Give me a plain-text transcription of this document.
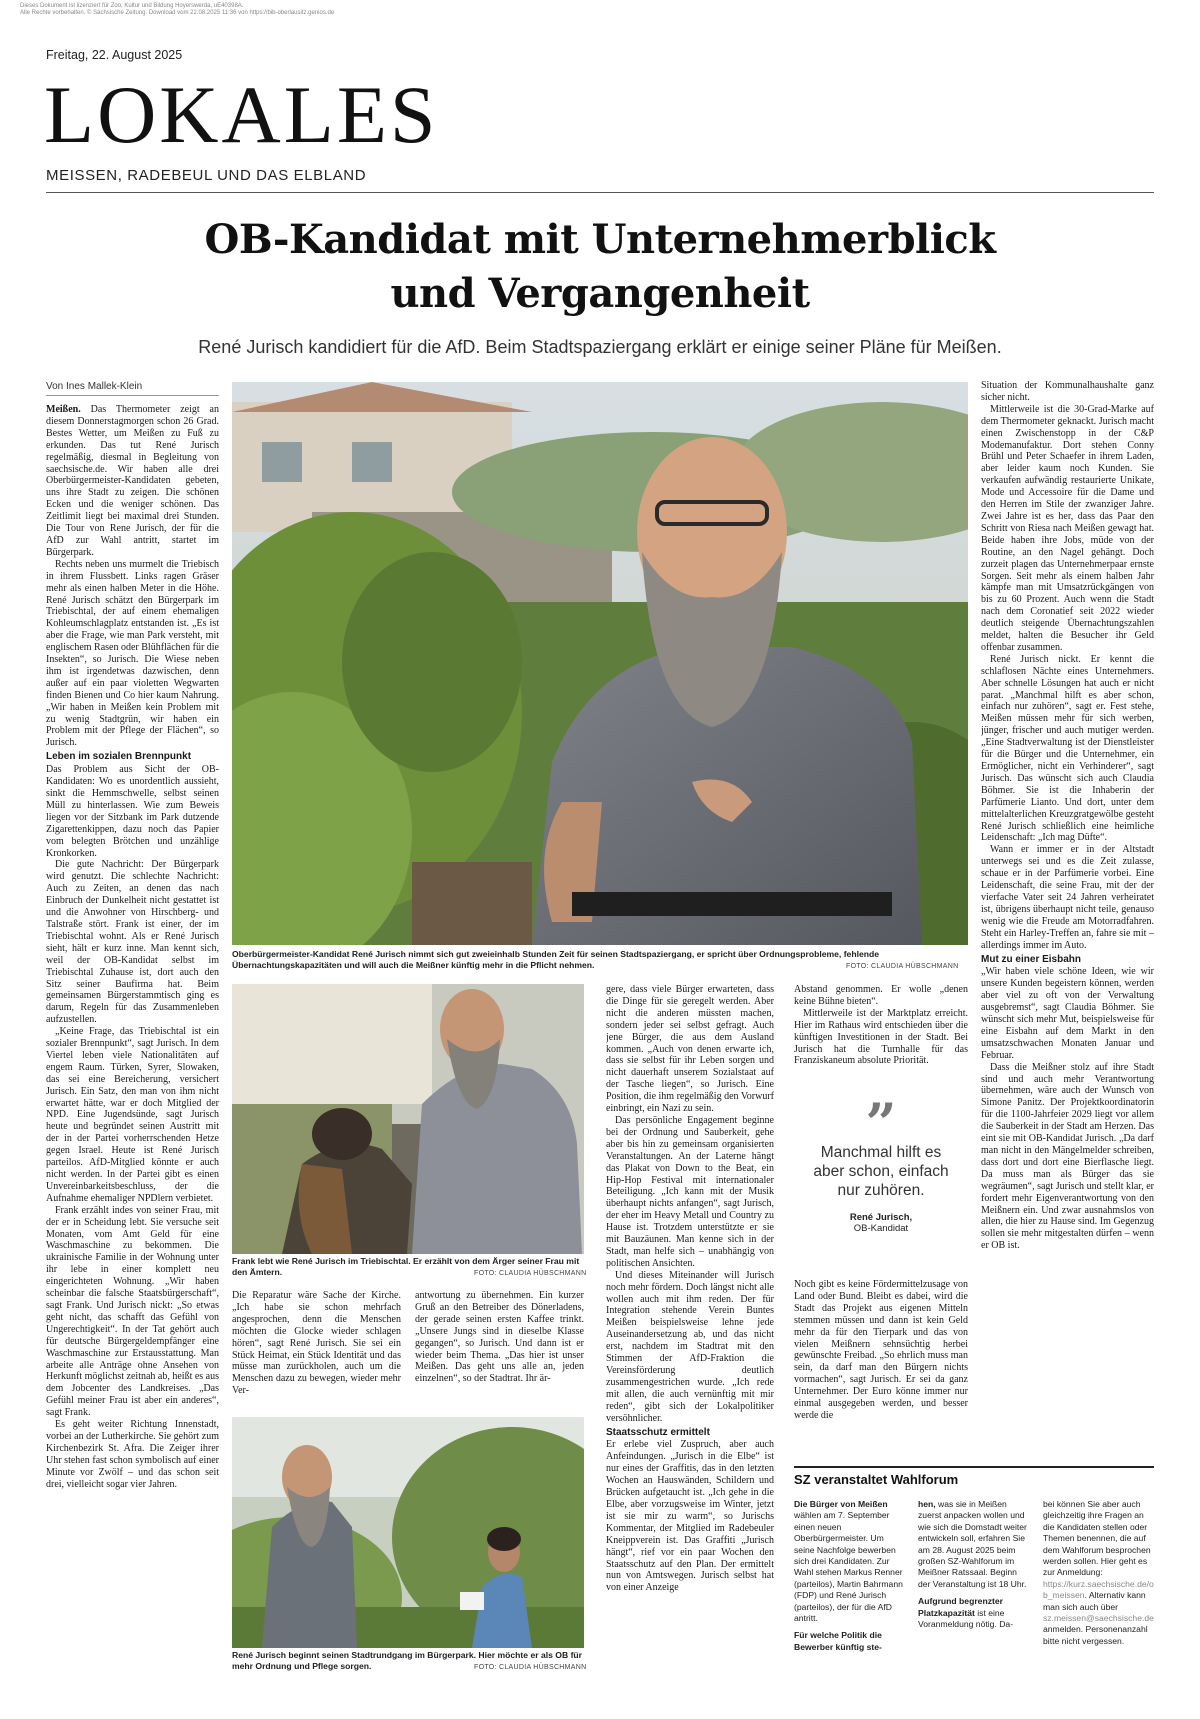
Dieses Dokument ist lizenziert für Zoo, Kultur und Bildung Hoyerswerda, uE40398A.
Alle Rechte vorbehalten. © Sächsische Zeitung. Download vom 22.08.2025 11:36 von https://bib-oberlausitz.genios.de
Freitag, 22. August 2025
LOKALES
MEISSEN, RADEBEUL UND DAS ELBLAND
OB-Kandidat mit Unternehmerblick
und Vergangenheit
René Jurisch kandidiert für die AfD. Beim Stadtspaziergang erklärt er einige seiner Pläne für Meißen.
Von Ines Mallek-Klein

Meißen. Das Thermometer zeigt an diesem Donnerstagmorgen schon 26 Grad. Bestes Wetter, um Meißen zu Fuß zu erkunden. Das tut René Jurisch regelmäßig, diesmal in Begleitung von saechsische.de. Wir haben alle drei Oberbürgermeister-Kandidaten gebeten, uns ihre Stadt zu zeigen. Die schönen Ecken und die weniger schönen. Das Zeitlimit liegt bei maximal drei Stunden. Die Tour von Rene Jurisch, der für die AfD zur Wahl antritt, startet im Bürgerpark.

Rechts neben uns murmelt die Triebisch in ihrem Flussbett. Links ragen Gräser mehr als einen halben Meter in die Höhe. René Jurisch schätzt den Bürgerpark im Triebischtal, der auf einem ehemaligen Kohleumschlagplatz entstanden ist. „Es ist aber die Frage, wie man Park versteht, mit englischem Rasen oder Blühflächen für die Insekten“, so Jurisch. Die Wiese neben ihm ist irgendetwas dazwischen, denn außer auf ein paar violetten Wegwarten finden Bienen und Co hier kaum Nahrung. „Wir haben in Meißen kein Problem mit zu wenig Stadtgrün, wir haben ein Problem mit der Pflege der Flächen“, so Jurisch.

Leben im sozialen Brennpunkt

Das Problem aus Sicht der OB-Kandidaten: Wo es unordentlich aussieht, sinkt die Hemmschwelle, selbst seinen Müll zu hinterlassen. Wie zum Beweis liegen vor der Sitzbank im Park dutzende Zigarettenkippen, dazu noch das Papier vom belegten Brötchen und unzählige Kronkorken.

Die gute Nachricht: Der Bürgerpark wird genutzt. Die schlechte Nachricht: Auch zu Zeiten, an denen das nach Einbruch der Dunkelheit nicht gestattet ist und die Anwohner von Hirschberg- und Talstraße stört. Frank ist einer, der im Triebischtal wohnt. Als er René Jurisch sieht, hält er kurz inne. Man kennt sich, weil der OB-Kandidat selbst im Triebischtal Zuhause ist, dort auch den Sitz seiner Baufirma hat. Beim gemeinsamen Bürgerstammtisch ging es darum, Regeln für das Zusammenleben aufzustellen.

„Keine Frage, das Triebischtal ist ein sozialer Brennpunkt“, sagt Jurisch. In dem Viertel leben viele Nationalitäten auf engem Raum. Türken, Syrer, Slowaken, das sei eine Bereicherung, versichert Jurisch. Ein Satz, den man von ihm nicht erwartet hätte, war er doch Mitglied der NPD. Eine Jugendsünde, sagt Jurisch heute und begründet seinen Austritt mit der in der Partei vorherrschenden Hetze gegen Israel. Heute ist René Jurisch parteilos. AfD-Mitglied könnte er auch nicht werden. In der Partei gibt es einen Unvereinbarkeitsbeschluss, der die Aufnahme ehemaliger NPDlern verbietet.

Frank erzählt indes von seiner Frau, mit der er in Scheidung lebt. Sie versuche seit Monaten, vom Amt Geld für eine Waschmaschine zu bekommen. Die ukrainische Familie in der Wohnung unter ihr lebe in einer komplett neu eingerichteten Wohnung. „Wir haben scheinbar die falsche Staatsbürgerschaft“, sagt Frank. Und Jurisch nickt: „So etwas geht nicht, das schafft das Gefühl von Ungerechtigkeit“. In der Tat gehört auch für deutsche Bürgergeldempfänger eine Waschmaschine zur Erstausstattung. Man arbeite alle Anträge ohne Ansehen von Herkunft möglichst zeitnah ab, heißt es aus dem Jobcenter des Landkreises. „Das Gefühl meiner Frau ist aber ein anderes“, sagt Frank.

Es geht weiter Richtung Innenstadt, vorbei an der Lutherkirche. Sie gehört zum Kirchenbezirk St. Afra. Die Zeiger ihrer Uhr stehen fast schon symbolisch auf einer Minute vor Zwölf – und das schon seit drei, vielleicht sogar vier Jahren.

Oberbürgermeister-Kandidat René Jurisch nimmt sich gut zweieinhalb Stunden Zeit für seinen Stadtspaziergang, er spricht über Ordnungsprobleme, fehlende Übernachtungskapazitäten und will auch die Meißner künftig mehr in die Pflicht nehmen.	FOTO: CLAUDIA HÜBSCHMANN
Frank lebt wie René Jurisch im Triebischtal. Er erzählt von dem Ärger seiner Frau mit den Ämtern.	FOTO: CLAUDIA HÜBSCHMANN

Die Reparatur wäre Sache der Kirche. „Ich habe sie schon mehrfach angesprochen, denn die Menschen möchten die Glocke wieder schlagen hören“, sagt René Jurisch. Sie sei ein Stück Heimat, ein Stück Identität und das müsse man zurückholen, auch um die Menschen dazu zu bewegen, wieder mehr Ver-

antwortung zu übernehmen. Ein kurzer Gruß an den Betreiber des Dönerladens, der gerade seinen ersten Kaffee trinkt. „Unsere Jungs sind in dieselbe Klasse gegangen“, so Jurisch. Und dann ist er wieder beim Thema. „Das hier ist unser Meißen. Das geht uns alle an, jeden einzelnen“, so der Stadtrat. Ihr är-

René Jurisch beginnt seinen Stadtrundgang im Bürgerpark. Hier möchte er als OB für mehr Ordnung und Pflege sorgen.	FOTO: CLAUDIA HÜBSCHMANN

gere, dass viele Bürger erwarteten, dass die Dinge für sie geregelt werden. Aber nicht die anderen müssten machen, sondern jeder sei selbst gefragt. Auch jene Bürger, die aus dem Ausland kommen. „Auch von denen erwarte ich, dass sie selbst für ihr Leben sorgen und nicht dauerhaft unserem Sozialstaat auf der Tasche liegen“, so Jurisch. Eine Position, die ihm regelmäßig den Vorwurf einbringt, ein Nazi zu sein.

Das persönliche Engagement beginne bei der Ordnung und Sauberkeit, gehe aber bis hin zu gemeinsam organisierten Veranstaltungen. An der Laterne hängt das Plakat von Down to the Beat, ein Hip-Hop Festival mit internationaler Beteiligung. „Ich kann mit der Musik überhaupt nichts anfangen“, sagt Jurisch, der eher im Heavy Metall und Country zu Hause ist. Trotzdem unterstützte er sie mit Bauzäunen. Man kenne sich in der Stadt, man helfe sich – unabhängig von politischen Ansichten.

Und dieses Miteinander will Jurisch noch mehr fördern. Doch längst nicht alle wollen auch mit ihm reden. Der für Integration stehende Verein Buntes Meißen beispielsweise lehne jede Auseinandersetzung ab, und das nicht erst, nachdem im Stadtrat mit den Stimmen der AfD-Fraktion die Vereinsförderung deutlich zusammengestrichen wurde. „Ich rede mit allen, die auch vernünftig mit mir reden“, gibt sich der Lokalpolitiker versöhnlicher.

Staatsschutz ermittelt

Er erlebe viel Zuspruch, aber auch Anfeindungen. „Jurisch in die Elbe“ ist nur eines der Graffitis, das in den letzten Wochen an Hauswänden, Schildern und Brücken aufgetaucht ist. „Ich gehe in die Elbe, aber vorzugsweise im Winter, jetzt ist sie mir zu warm“, so Jurischs Kommentar, der Mitglied im Radebeuler Kneippverein ist. Das Graffiti „Jurisch hängt“, rief vor ein paar Wochen den Staatsschutz auf den Plan. Der ermittelt nun von Amtswegen. Jurisch selbst hat von einer Anzeige

Abstand genommen. Er wolle „denen keine Bühne bieten“.

Mittlerweile ist der Marktplatz erreicht. Hier im Rathaus wird entschieden über die künftigen Investitionen in der Stadt. Bei Jurisch hat die Turnhalle für das Franziskaneum absolute Priorität.

”
Manchmal hilft es aber schon, einfach nur zuhören.
René Jurisch,
OB-Kandidat

Noch gibt es keine Fördermittelzusage von Land oder Bund. Bleibt es dabei, wird die Stadt das Projekt aus eigenen Mitteln stemmen müssen und dann ist kein Geld mehr da für den Tierpark und das von vielen Meißnern sehnsüchtig herbei gewünschte Freibad. „So ehrlich muss man sein, da darf man den Bürgern nichts vormachen“, sagt Jurisch. Er sei da ganz Unternehmer. Der Euro könne immer nur einmal ausgegeben werden, und besser werde die

Situation der Kommunalhaushalte ganz sicher nicht.

Mittlerweile ist die 30-Grad-Marke auf dem Thermometer geknackt. Jurisch macht einen Zwischenstopp in der C&P Modemanufaktur. Dort stehen Conny Brühl und Peter Schaefer in ihrem Laden, aber leider kaum noch Kunden. Sie verkaufen aufwändig restaurierte Unikate, Mode und Accessoire für die Dame und den Herren im Stile der zwanziger Jahre. Zwei Jahre ist es her, dass das Paar den Schritt von Riesa nach Meißen gewagt hat. Beide haben ihre Jobs, müde von der Routine, an den Nagel gehängt. Doch zurzeit plagen das Unternehmerpaar ernste Sorgen. Seit mehr als einem halben Jahr kämpfe man mit Umsatzrückgängen von bis zu 60 Prozent. Auch wenn die Stadt nach dem Coronatief seit 2022 wieder deutlich steigende Übernachtungszahlen meldet, halten die Besucher ihr Geld offenbar zusammen.

René Jurisch nickt. Er kennt die schlaflosen Nächte eines Unternehmers. Aber schnelle Lösungen hat auch er nicht parat. „Manchmal hilft es aber schon, einfach nur zuhören“, sagt er. Fest stehe, Meißen müssen mehr für sich werben, jünger, frischer und auch mutiger werden. „Eine Stadtverwaltung ist der Dienstleister für die Bürger und die Unternehmer, ein Ermöglicher, nicht ein Verhinderer“, sagt Jurisch. Das wünscht sich auch Claudia Böhmer. Sie ist die Inhaberin der Parfümerie Lianto. Und dort, unter dem mittelalterlichen Kreuzgratgewölbe gesteht René Jurisch schließlich eine heimliche Leidenschaft: „Ich mag Düfte“.

Wann er immer er in der Altstadt unterwegs sei und es die Zeit zulasse, schaue er in der Parfümerie vorbei. Eine Leidenschaft, die seine Frau, mit der der vierfache Vater seit 24 Jahren verheiratet ist, übrigens überhaupt nicht teile, genauso wenig wie die Freude am Motorradfahren. Steht ein Harley-Treffen an, fahre sie mit – allerdings immer im Auto.

Mut zu einer Eisbahn

„Wir haben viele schöne Ideen, wie wir unsere Kunden begeistern können, werden aber viel zu oft von der Verwaltung ausgebremst“, sagt Claudia Böhmer. Sie wünscht sich mehr Mut, beispielsweise für eine Eisbahn auf dem Markt in den umsatzschwachen Monaten Januar und Februar.

Dass die Meißner stolz auf ihre Stadt sind und auch mehr Verantwortung übernehmen, wäre auch der Wunsch von Simone Panitz. Der Projektkoordinatorin für die 1100-Jahrfeier 2029 liegt vor allem die Sauberkeit in der Stadt am Herzen. Das eint sie mit OB-Kandidat Jurisch. „Da darf man nicht in den Mängelmelder schreiben, dass dort und dort eine Bierflasche liegt. Da muss man als Bürger das sie wegräumen“, sagt Jurisch und stellt klar, er fordert mehr Eigenverantwortung von den Meißnern ein. Und zwar ausnahmslos von allen, die hier zu Hause sind. Im Gegenzug sollen sie mehr mitgestalten dürfen – wenn er OB ist.

SZ veranstaltet Wahlforum
Die Bürger von Meißen wählen am 7. September einen neuen Oberbürgermeister. Um seine Nachfolge bewerben sich drei Kandidaten. Zur Wahl stehen Markus Renner (parteilos), Martin Bahrmann (FDP) und René Jurisch (parteilos), der für die AfD antritt.
Für welche Politik die Bewerber künftig ste-
hen, was sie in Meißen zuerst anpacken wollen und wie sich die Domstadt weiter entwickeln soll, erfahren Sie am 28. August 2025 beim großen SZ-Wahlforum im Meißner Ratssaal. Beginn der Veranstaltung ist 18 Uhr.
Aufgrund begrenzter Platzkapazität ist eine Voranmeldung nötig. Da-
bei können Sie aber auch gleichzeitig ihre Fragen an die Kandidaten stellen oder Themen benennen, die auf dem Wahlforum besprochen werden sollen. Hier geht es zur Anmeldung: https://kurz.saechsische.de/ob_meissen. Alternativ kann man sich auch über sz.meissen@saechsische.de anmelden. Personenanzahl bitte nicht vergessen.
